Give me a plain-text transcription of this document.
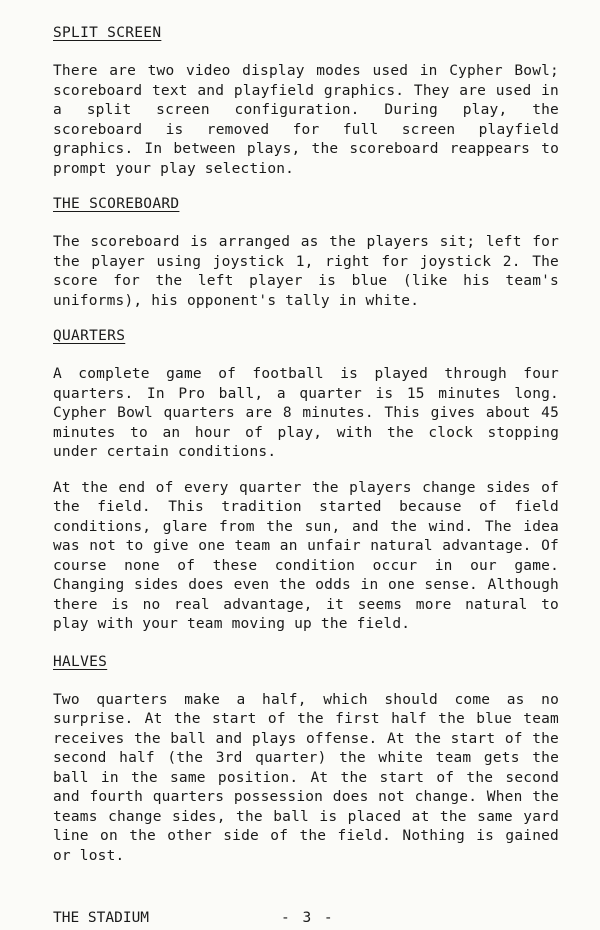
SPLIT SCREEN

There are two video display modes used in Cypher Bowl; scoreboard text and playfield graphics. They are used in a split screen configuration. During play, the scoreboard is removed for full screen playfield graphics. In between plays, the scoreboard reappears to prompt your play selection.

THE SCOREBOARD

The scoreboard is arranged as the players sit; left for the player using joystick 1, right for joystick 2. The score for the left player is blue (like his team's uniforms), his opponent's tally in white.

QUARTERS

A complete game of football is played through four quarters. In Pro ball, a quarter is 15 minutes long. Cypher Bowl quarters are 8 minutes. This gives about 45 minutes to an hour of play, with the clock stopping under certain conditions.

At the end of every quarter the players change sides of the field. This tradition started because of field conditions, glare from the sun, and the wind. The idea was not to give one team an unfair natural advantage. Of course none of these condition occur in our game. Changing sides does even the odds in one sense. Although there is no real advantage, it seems more natural to play with your team moving up the field.

HALVES

Two quarters make a half, which should come as no surprise. At the start of the first half the blue team receives the ball and plays offense. At the start of the second half (the 3rd quarter) the white team gets the ball in the same position. At the start of the second and fourth quarters possession does not change. When the teams change sides, the ball is placed at the same yard line on the other side of the field. Nothing is gained or lost.

THE STADIUM	- 3 -
